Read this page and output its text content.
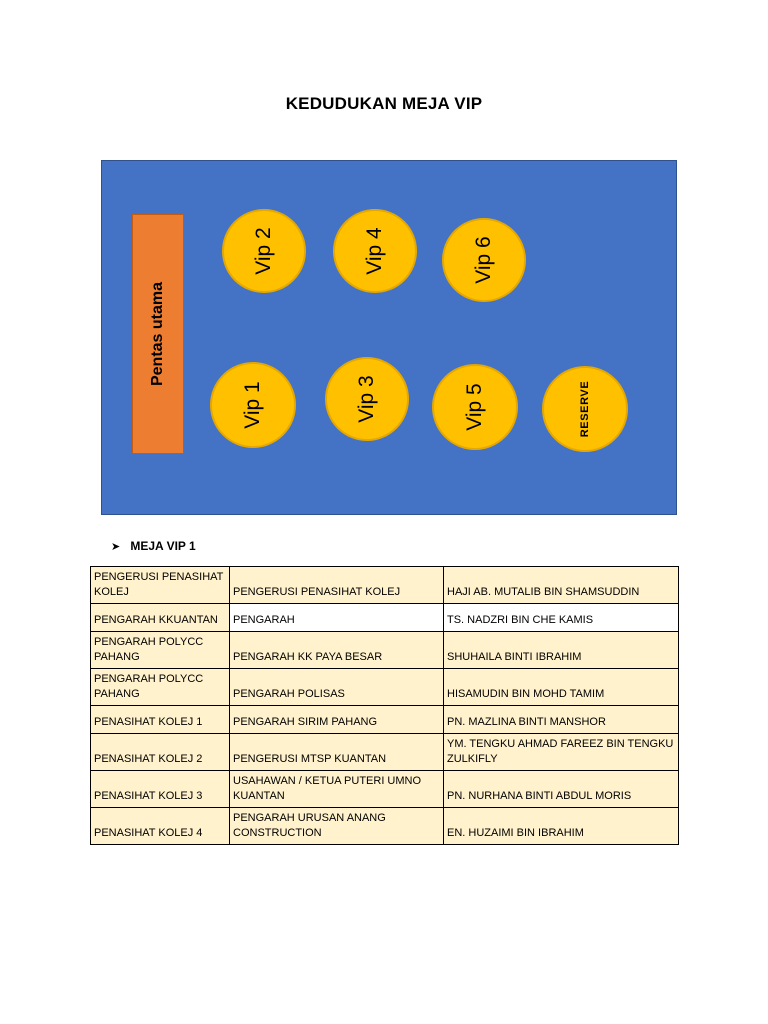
KEDUDUKAN MEJA VIP
Pentas utama
Vip 2	Vip 4	Vip 6
Vip 1	Vip 3	Vip 5	RESERVE
➤ MEJA VIP 1
PENGERUSI PENASIHAT KOLEJ	PENGERUSI PENASIHAT KOLEJ	HAJI AB. MUTALIB BIN SHAMSUDDIN
PENGARAH KKUANTAN	PENGARAH	TS. NADZRI BIN CHE KAMIS
PENGARAH POLYCC PAHANG	PENGARAH KK PAYA BESAR	SHUHAILA BINTI IBRAHIM
PENGARAH POLYCC PAHANG	PENGARAH POLISAS	HISAMUDIN BIN MOHD TAMIM
PENASIHAT KOLEJ 1	PENGARAH SIRIM PAHANG	PN. MAZLINA BINTI MANSHOR
PENASIHAT KOLEJ 2	PENGERUSI MTSP KUANTAN	YM. TENGKU AHMAD FAREEZ BIN TENGKU ZULKIFLY
PENASIHAT KOLEJ 3	USAHAWAN / KETUA PUTERI UMNO KUANTAN	PN. NURHANA BINTI ABDUL MORIS
PENASIHAT KOLEJ 4	PENGARAH URUSAN ANANG CONSTRUCTION	EN. HUZAIMI BIN IBRAHIM
